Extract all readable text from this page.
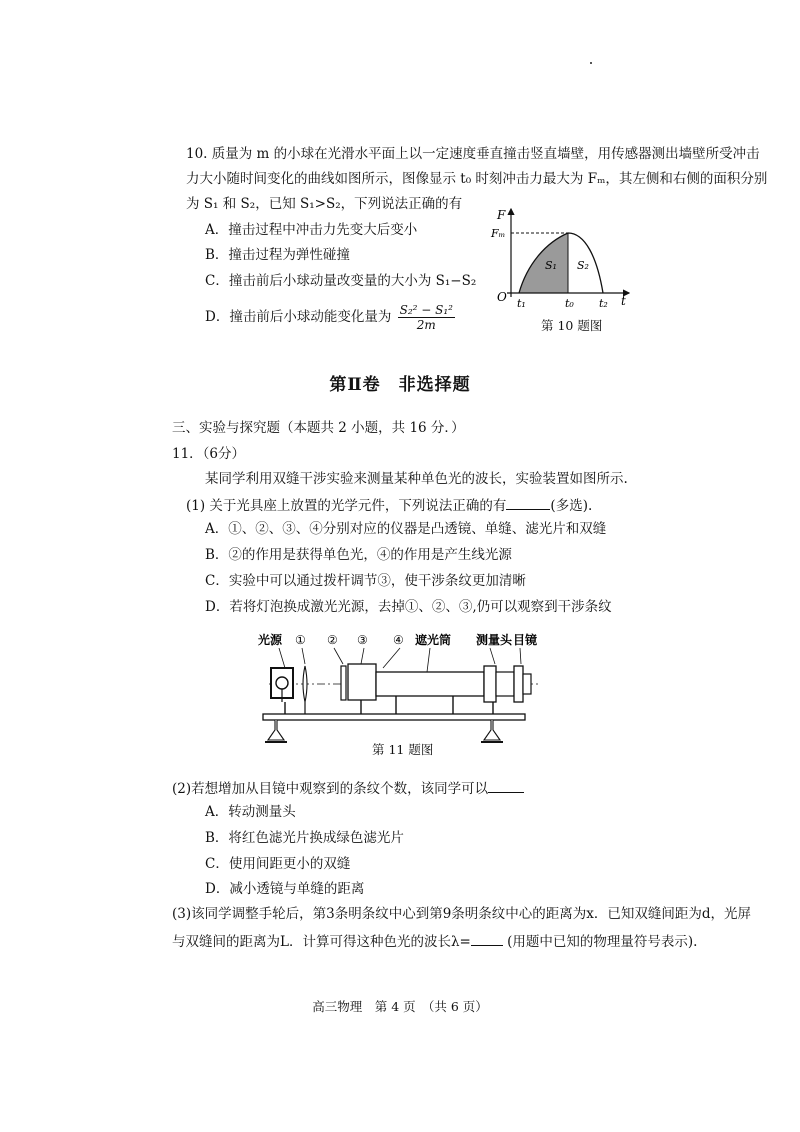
10. 质量为 m 的小球在光滑水平面上以一定速度垂直撞击竖直墙壁，用传感器测出墙壁所受冲击
力大小随时间变化的曲线如图所示，图像显示 t₀ 时刻冲击力最大为 Fₘ，其左侧和右侧的面积分别
为 S₁ 和 S₂，已知 S₁>S₂，下列说法正确的有
A．撞击过程中冲击力先变大后变小
B．撞击过程为弹性碰撞
C．撞击前后小球动量改变量的大小为 S₁−S₂
D．撞击前后小球动能变化量为 $\frac{\text{S₂² − S₁²}}{2m}$
F
Fₘ
O
S₁ S₂
t₁	t₀ t₂ t
第 10 题图
第Ⅱ卷　非选择题
三、实验与探究题（本题共 2 小题，共 16 分．）
11．（6分）
某同学利用双缝干涉实验来测量某种单色光的波长，实验装置如图所示.
(1) 关于光具座上放置的光学元件，下列说法正确的有	(多选).
A．①、②、③、④分别对应的仪器是凸透镜、单缝、滤光片和双缝
B．②的作用是获得单色光，④的作用是产生线光源
C．实验中可以通过拨杆调节③，使干涉条纹更加清晰
D．若将灯泡换成激光光源，去掉①、②、③,仍可以观察到干涉条纹
光源 ① ② ③ ④ 遮光筒 测量头 目镜
第 11 题图
(2)若想增加从目镜中观察到的条纹个数，该同学可以
A．转动测量头
B．将红色滤光片换成绿色滤光片
C．使用间距更小的双缝
D．减小透镜与单缝的距离
(3)该同学调整手轮后，第3条明条纹中心到第9条明条纹中心的距离为x．已知双缝间距为d，光屏
与双缝间的距离为L．计算可得这种色光的波长λ=	(用题中已知的物理量符号表示).
高三物理　第 4 页　（共 6 页）
